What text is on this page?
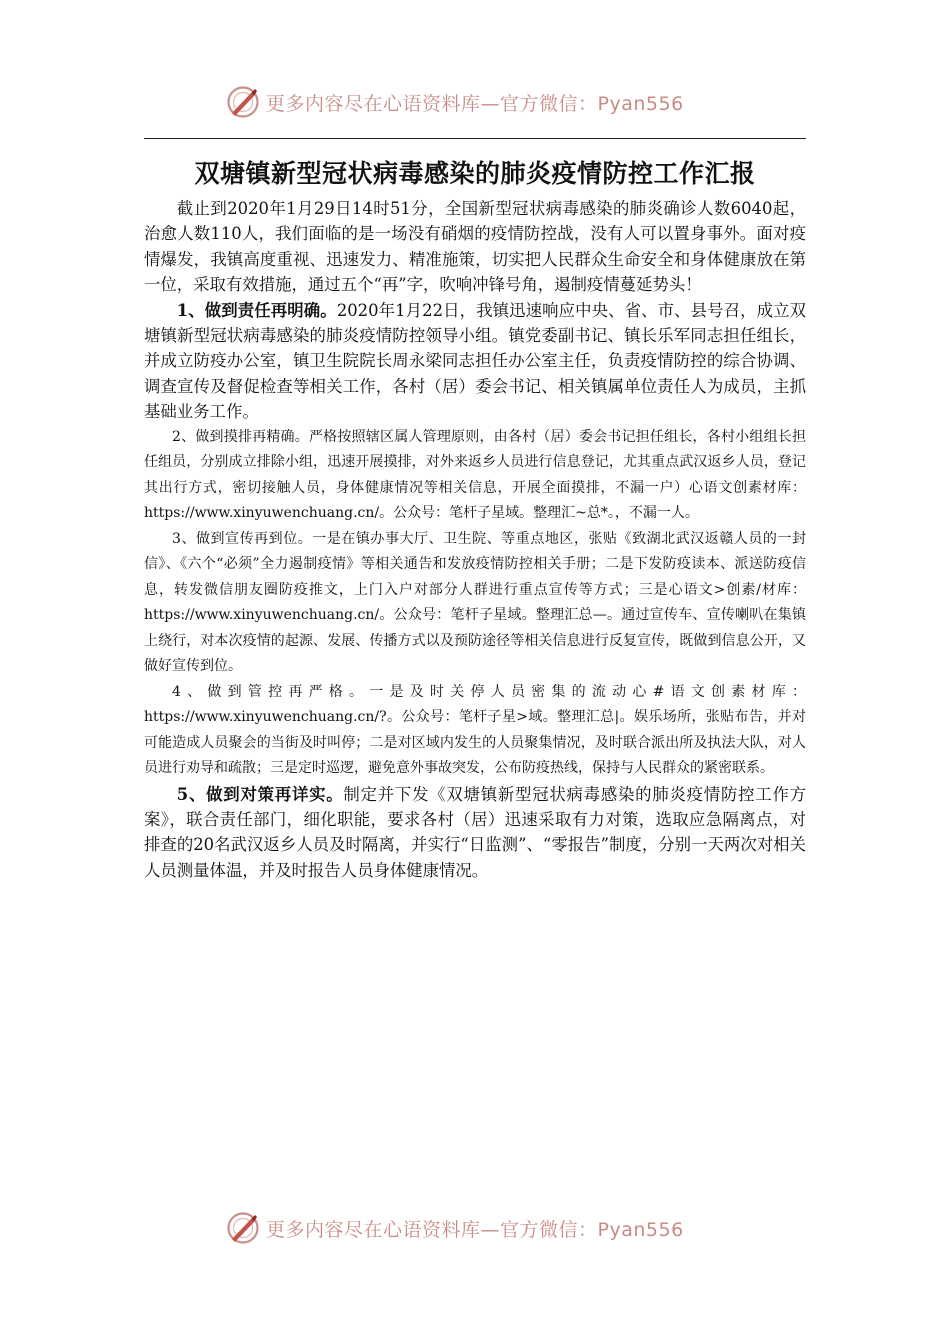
更多内容尽在心语资料库—官方微信：Pyan556
双塘镇新型冠状病毒感染的肺炎疫情防控工作汇报

截止到2020年1月29日14时51分，全国新型冠状病毒感染的肺炎确诊人数6040起，治愈人数110人，我们面临的是一场没有硝烟的疫情防控战，没有人可以置身事外。面对疫情爆发，我镇高度重视、迅速发力、精准施策，切实把人民群众生命安全和身体健康放在第一位，采取有效措施，通过五个“再”字，吹响冲锋号角，遏制疫情蔓延势头！

1、做到责任再明确。2020年1月22日，我镇迅速响应中央、省、市、县号召，成立双塘镇新型冠状病毒感染的肺炎疫情防控领导小组。镇党委副书记、镇长乐军同志担任组长，并成立防疫办公室，镇卫生院院长周永梁同志担任办公室主任，负责疫情防控的综合协调、调查宣传及督促检查等相关工作，各村（居）委会书记、相关镇属单位责任人为成员，主抓基础业务工作。

2、做到摸排再精确。严格按照辖区属人管理原则，由各村（居）委会书记担任组长，各村小组组长担任组员，分别成立排除小组，迅速开展摸排，对外来返乡人员进行信息登记，尤其重点武汉返乡人员，登记其出行方式，密切接触人员，身体健康情况等相关信息，开展全面摸排，不漏一户）心语文创素材库：https://www.xinyuwenchuang.cn/。公众号：笔杆子星域。整理汇~总*。，不漏一人。

3、做到宣传再到位。一是在镇办事大厅、卫生院、等重点地区，张贴《致湖北武汉返赣人员的一封信》、《六个“必须”全力遏制疫情》等相关通告和发放疫情防控相关手册；二是下发防疫读本、派送防疫信息，转发微信朋友圈防疫推文，上门入户对部分人群进行重点宣传等方式；三是心语文>创素/材库：https://www.xinyuwenchuang.cn/。公众号：笔杆子星域。整理汇总—。通过宣传车、宣传喇叭在集镇上绕行，对本次疫情的起源、发展、传播方式以及预防途径等相关信息进行反复宣传，既做到信息公开，又做好宣传到位。

4、做到管控再严格。一是及时关停人员密集的流动心#语文创素材库：https://www.xinyuwenchuang.cn/?。公众号：笔杆子星>域。整理汇总|。娱乐场所，张贴布告，并对可能造成人员聚会的当街及时叫停；二是对区域内发生的人员聚集情况，及时联合派出所及执法大队，对人员进行劝导和疏散；三是定时巡逻，避免意外事故突发，公布防疫热线，保持与人民群众的紧密联系。

5、做到对策再详实。制定并下发《双塘镇新型冠状病毒感染的肺炎疫情防控工作方案》，联合责任部门，细化职能，要求各村（居）迅速采取有力对策，选取应急隔离点，对排查的20名武汉返乡人员及时隔离，并实行“日监测”、“零报告”制度，分别一天两次对相关人员测量体温，并及时报告人员身体健康情况。

更多内容尽在心语资料库—官方微信：Pyan556
